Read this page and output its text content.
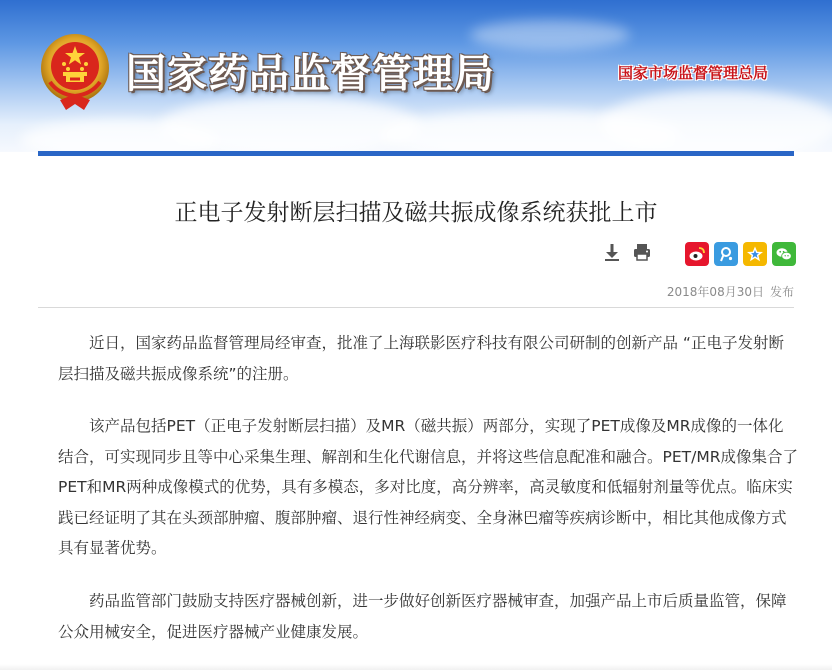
国家药品监督管理局	国家市场监督管理总局
正电子发射断层扫描及磁共振成像系统获批上市
2018年08月30日 发布

近日，国家药品监督管理局经审查，批准了上海联影医疗科技有限公司研制的创新产品 “正电子发射断层扫描及磁共振成像系统”的注册。

该产品包括PET（正电子发射断层扫描）及MR（磁共振）两部分，实现了PET成像及MR成像的一体化结合，可实现同步且等中心采集生理、解剖和生化代谢信息，并将这些信息配准和融合。PET/MR成像集合了PET和MR两种成像模式的优势，具有多模态，多对比度，高分辨率，高灵敏度和低辐射剂量等优点。临床实践已经证明了其在头颈部肿瘤、腹部肿瘤、退行性神经病变、全身淋巴瘤等疾病诊断中，相比其他成像方式具有显著优势。

药品监管部门鼓励支持医疗器械创新，进一步做好创新医疗器械审查，加强产品上市后质量监管，保障公众用械安全，促进医疗器械产业健康发展。
